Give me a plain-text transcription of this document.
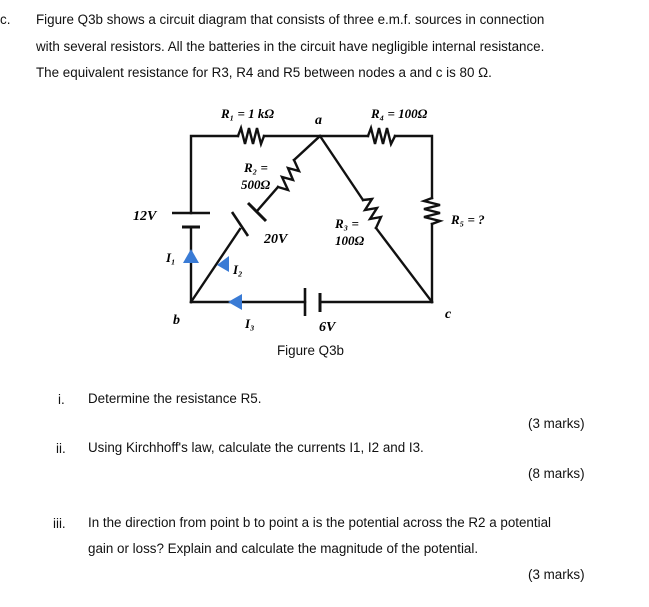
c. Figure Q3b shows a circuit diagram that consists of three e.m.f. sources in connection
with several resistors. All the batteries in the circuit have negligible internal resistance.
The equivalent resistance for R3, R4 and R5 between nodes a and c is 80 Ω.
R₁ = 1 kΩ	R₄ = 100Ω
a
R₂ =
500Ω
R₃ =
100Ω
R₅ = ?
12V
20V
6V
I₁
I₂
I₃
b	c
Figure Q3b
i. Determine the resistance R5.
(3 marks)
ii. Using Kirchhoff's law, calculate the currents I1, I2 and I3.
(8 marks)
iii. In the direction from point b to point a is the potential across the R2 a potential
gain or loss? Explain and calculate the magnitude of the potential.
(3 marks)
